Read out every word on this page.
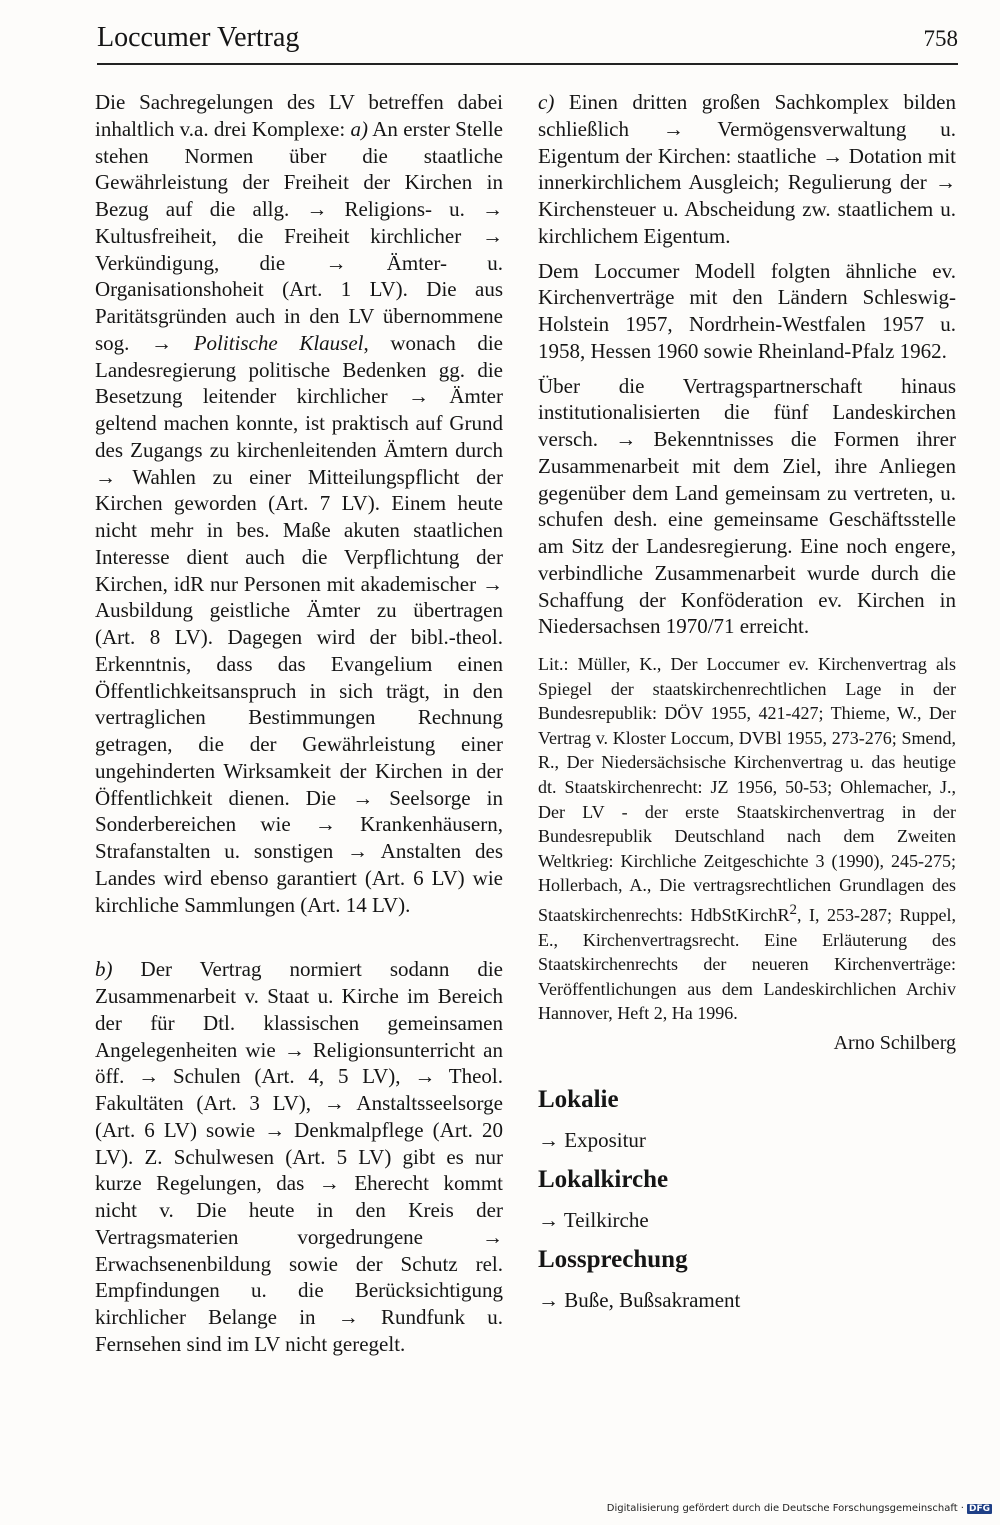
Loccumer Vertrag	758

Die Sachregelungen des LV betreffen dabei inhaltlich v.a. drei Komplexe: a) An erster Stelle stehen Normen über die staatliche Gewährleistung der Freiheit der Kirchen in Bezug auf die allg. → Religions- u. → Kultusfreiheit, die Freiheit kirchlicher → Verkündigung, die → Ämter- u. Organisationshoheit (Art. 1 LV). Die aus Paritätsgründen auch in den LV übernommene sog. → Politische Klausel, wonach die Landesregierung politische Bedenken gg. die Besetzung leitender kirchlicher → Ämter geltend machen konnte, ist praktisch auf Grund des Zugangs zu kirchenleitenden Ämtern durch → Wahlen zu einer Mitteilungspflicht der Kirchen geworden (Art. 7 LV). Einem heute nicht mehr in bes. Maße akuten staatlichen Interesse dient auch die Verpflichtung der Kirchen, idR nur Personen mit akademischer → Ausbildung geistliche Ämter zu übertragen (Art. 8 LV). Dagegen wird der bibl.-theol. Erkenntnis, dass das Evangelium einen Öffentlichkeitsanspruch in sich trägt, in den vertraglichen Bestimmungen Rechnung getragen, die der Gewährleistung einer ungehinderten Wirksamkeit der Kirchen in der Öffentlichkeit dienen. Die → Seelsorge in Sonderbereichen wie → Krankenhäusern, Strafanstalten u. sonstigen → Anstalten des Landes wird ebenso garantiert (Art. 6 LV) wie kirchliche Sammlungen (Art. 14 LV).

b) Der Vertrag normiert sodann die Zusammenarbeit v. Staat u. Kirche im Bereich der für Dtl. klassischen gemeinsamen Angelegenheiten wie → Religionsunterricht an öff. → Schulen (Art. 4, 5 LV), → Theol. Fakultäten (Art. 3 LV), → Anstaltsseelsorge (Art. 6 LV) sowie → Denkmalpflege (Art. 20 LV). Z. Schulwesen (Art. 5 LV) gibt es nur kurze Regelungen, das → Eherecht kommt nicht v. Die heute in den Kreis der Vertragsmaterien vorgedrungene → Erwachsenenbildung sowie der Schutz rel. Empfindungen u. die Berücksichtigung kirchlicher Belange in → Rundfunk u. Fernsehen sind im LV nicht geregelt.

c) Einen dritten großen Sachkomplex bilden schließlich → Vermögensverwaltung u. Eigentum der Kirchen: staatliche → Dotation mit innerkirchlichem Ausgleich; Regulierung der → Kirchensteuer u. Abscheidung zw. staatlichem u. kirchlichem Eigentum.

Dem Loccumer Modell folgten ähnliche ev. Kirchenverträge mit den Ländern Schleswig-Holstein 1957, Nordrhein-Westfalen 1957 u. 1958, Hessen 1960 sowie Rheinland-Pfalz 1962.

Über die Vertragspartnerschaft hinaus institutionalisierten die fünf Landeskirchen versch. → Bekenntnisses die Formen ihrer Zusammenarbeit mit dem Ziel, ihre Anliegen gegenüber dem Land gemeinsam zu vertreten, u. schufen desh. eine gemeinsame Geschäftsstelle am Sitz der Landesregierung. Eine noch engere, verbindliche Zusammenarbeit wurde durch die Schaffung der Konföderation ev. Kirchen in Niedersachsen 1970/71 erreicht.

Lit.: Müller, K., Der Loccumer ev. Kirchenvertrag als Spiegel der staatskirchenrechtlichen Lage in der Bundesrepublik: DÖV 1955, 421-427; Thieme, W., Der Vertrag v. Kloster Loccum, DVBl 1955, 273-276; Smend, R., Der Niedersächsische Kirchenvertrag u. das heutige dt. Staatskirchenrecht: JZ 1956, 50-53; Ohlemacher, J., Der LV - der erste Staatskirchenvertrag in der Bundesrepublik Deutschland nach dem Zweiten Weltkrieg: Kirchliche Zeitgeschichte 3 (1990), 245-275; Hollerbach, A., Die vertragsrechtlichen Grundlagen des Staatskirchenrechts: HdbStKirchR$^2$, I, 253-287; Ruppel, E., Kirchenvertragsrecht. Eine Erläuterung des Staatskirchenrechts der neueren Kirchenverträge: Veröffentlichungen aus dem Landeskirchlichen Archiv Hannover, Heft 2, Ha 1996.

Arno Schilberg
Lokalie
→ Expositur
Lokalkirche
→ Teilkirche
Lossprechung
→ Buße, Bußsakrament
Digitalisierung gefördert durch die Deutsche Forschungsgemeinschaft · DFG
